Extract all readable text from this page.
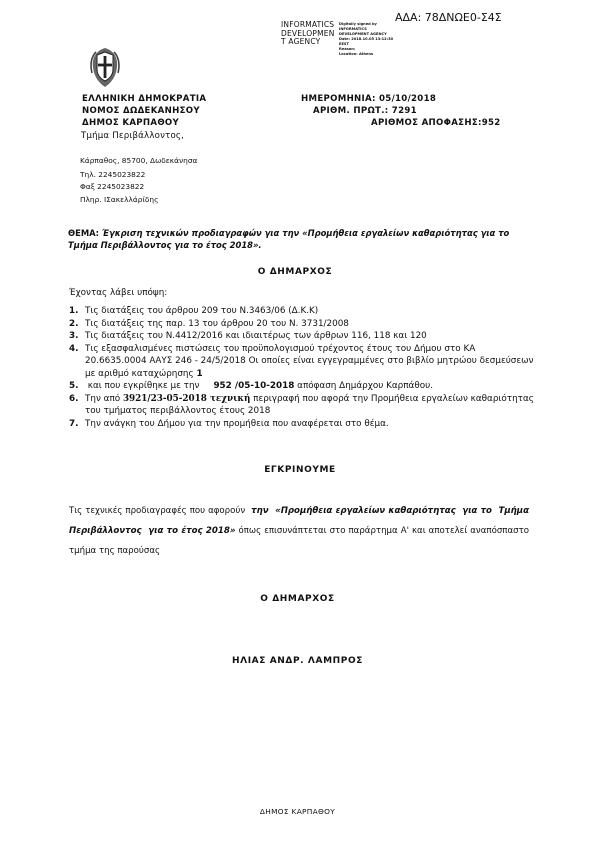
ΑΔΑ: 78ΔΝΩΕ0-Σ4Σ
INFORMATICS
DEVELOPMEN
T AGENCY
Digitally signed by
INFORMATICS
DEVELOPMENT AGENCY
Date: 2018.10.05 13:12:30
EEST
Reason:
Location: Athens
ΕΛΛΗΝΙΚΗ ΔΗΜΟΚΡΑΤΙΑ
ΝΟΜΟΣ ΔΩΔΕΚΑΝΗΣΟΥ
ΔΗΜΟΣ ΚΑΡΠΑΘΟΥ
Τμήμα Περιβάλλοντος,
ΗΜΕΡΟΜΗΝΙΑ: 05/10/2018
ΑΡΙΘΜ. ΠΡΩΤ.: 7291
ΑΡΙΘΜΟΣ ΑΠΟΦΑΣΗΣ:952
Κάρπαθος, 85700, Δωδεκάνησα
Τηλ. 2245023822
Φαξ 2245023822
Πληρ. ΙΣακελλάρίδης
ΘΕΜΑ: Έγκριση τεχνικών προδιαγραφών για την «Προμήθεια εργαλείων καθαριότητας για το Τμήμα Περιβάλλοντος για το έτος 2018».
Ο ΔΗΜΑΡΧΟΣ
Έχοντας λάβει υπόψη:
1. Τις διατάξεις του άρθρου 209 του Ν.3463/06 (Δ.Κ.Κ)
2. Τις διατάξεις της παρ. 13 του άρθρου 20 του Ν. 3731/2008
3. Τις διατάξεις του Ν.4412/2016 και ιδιαιτέρως των άρθρων 116, 118 και 120
4. Τις εξασφαλισμένες πιστώσεις του προϋπολογισμού τρέχοντος έτους του Δήμου στο ΚΑ 20.6635.0004 ΑΑΥΣ 246 - 24/5/2018 Οι οποίες είναι εγγεγραμμένες στο βιβλίο μητρώου δεσμεύσεων με αριθμό καταχώρησης 1
5. και που εγκρίθηκε με την     952 /05-10-2018 απόφαση Δημάρχου Καρπάθου.
6. Την από 3921/23-05-2018 τεχνική περιγραφή που αφορά την Προμήθεια εργαλείων καθαριότητας του τμήματος περιβάλλοντος έτους 2018
7. Την ανάγκη του Δήμου για την προμήθεια που αναφέρεται στο θέμα.
ΕΓΚΡΙΝΟΥΜΕ
Τις τεχνικές προδιαγραφές που αφορούν  την  «Προμήθεια εργαλείων καθαριότητας  για το  Τμήμα Περιβάλλοντος  για το έτος 2018» όπως επισυνάπτεται στο παράρτημα Α' και αποτελεί αναπόσπαστο τμήμα της παρούσας
Ο ΔΗΜΑΡΧΟΣ
ΗΛΙΑΣ ΑΝΔΡ. ΛΑΜΠΡΟΣ
ΔΗΜΟΣ ΚΑΡΠΑΘΟΥ
